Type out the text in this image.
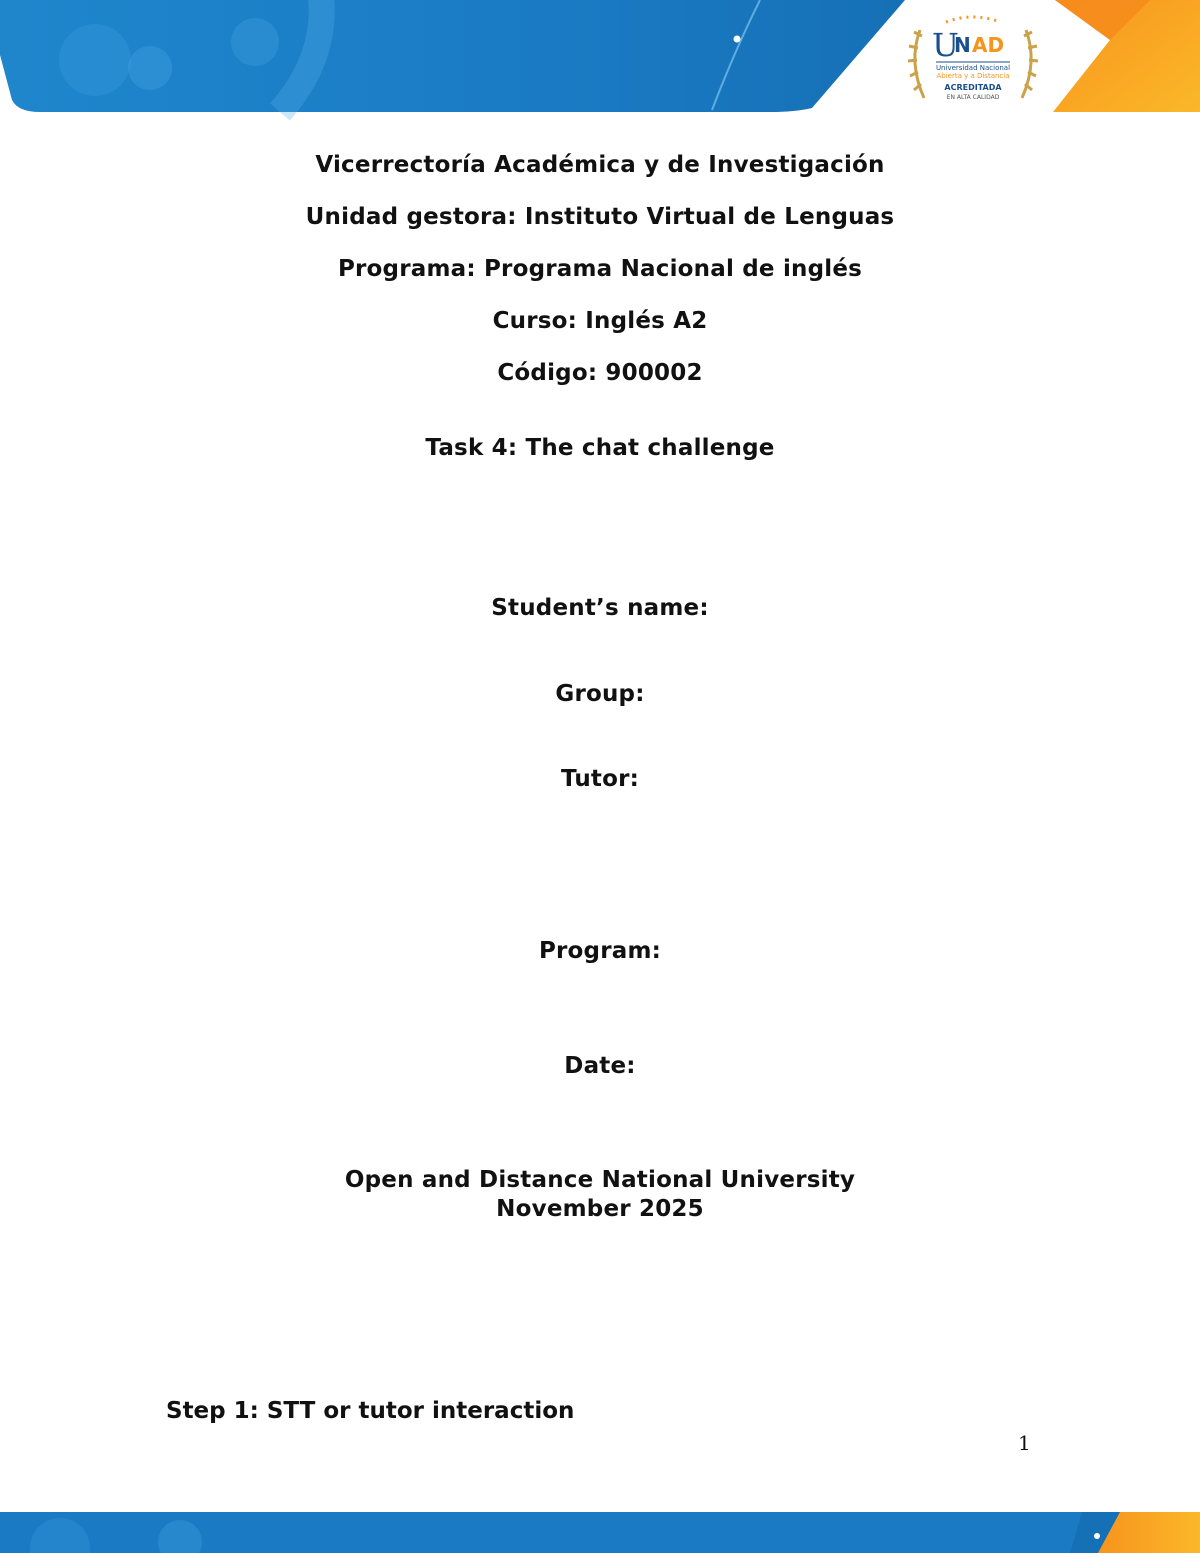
U
N AD
Universidad Nacional
Abierta y a Distancia
ACREDITADA
EN ALTA CALIDAD
Vicerrectoría Académica y de Investigación
Unidad gestora: Instituto Virtual de Lenguas
Programa: Programa Nacional de inglés
Curso: Inglés A2
Código: 900002
Task 4: The chat challenge
Student’s name:
Group:
Tutor:
Program:
Date:
Open and Distance National University
November 2025
Step 1: STT or tutor interaction
1
